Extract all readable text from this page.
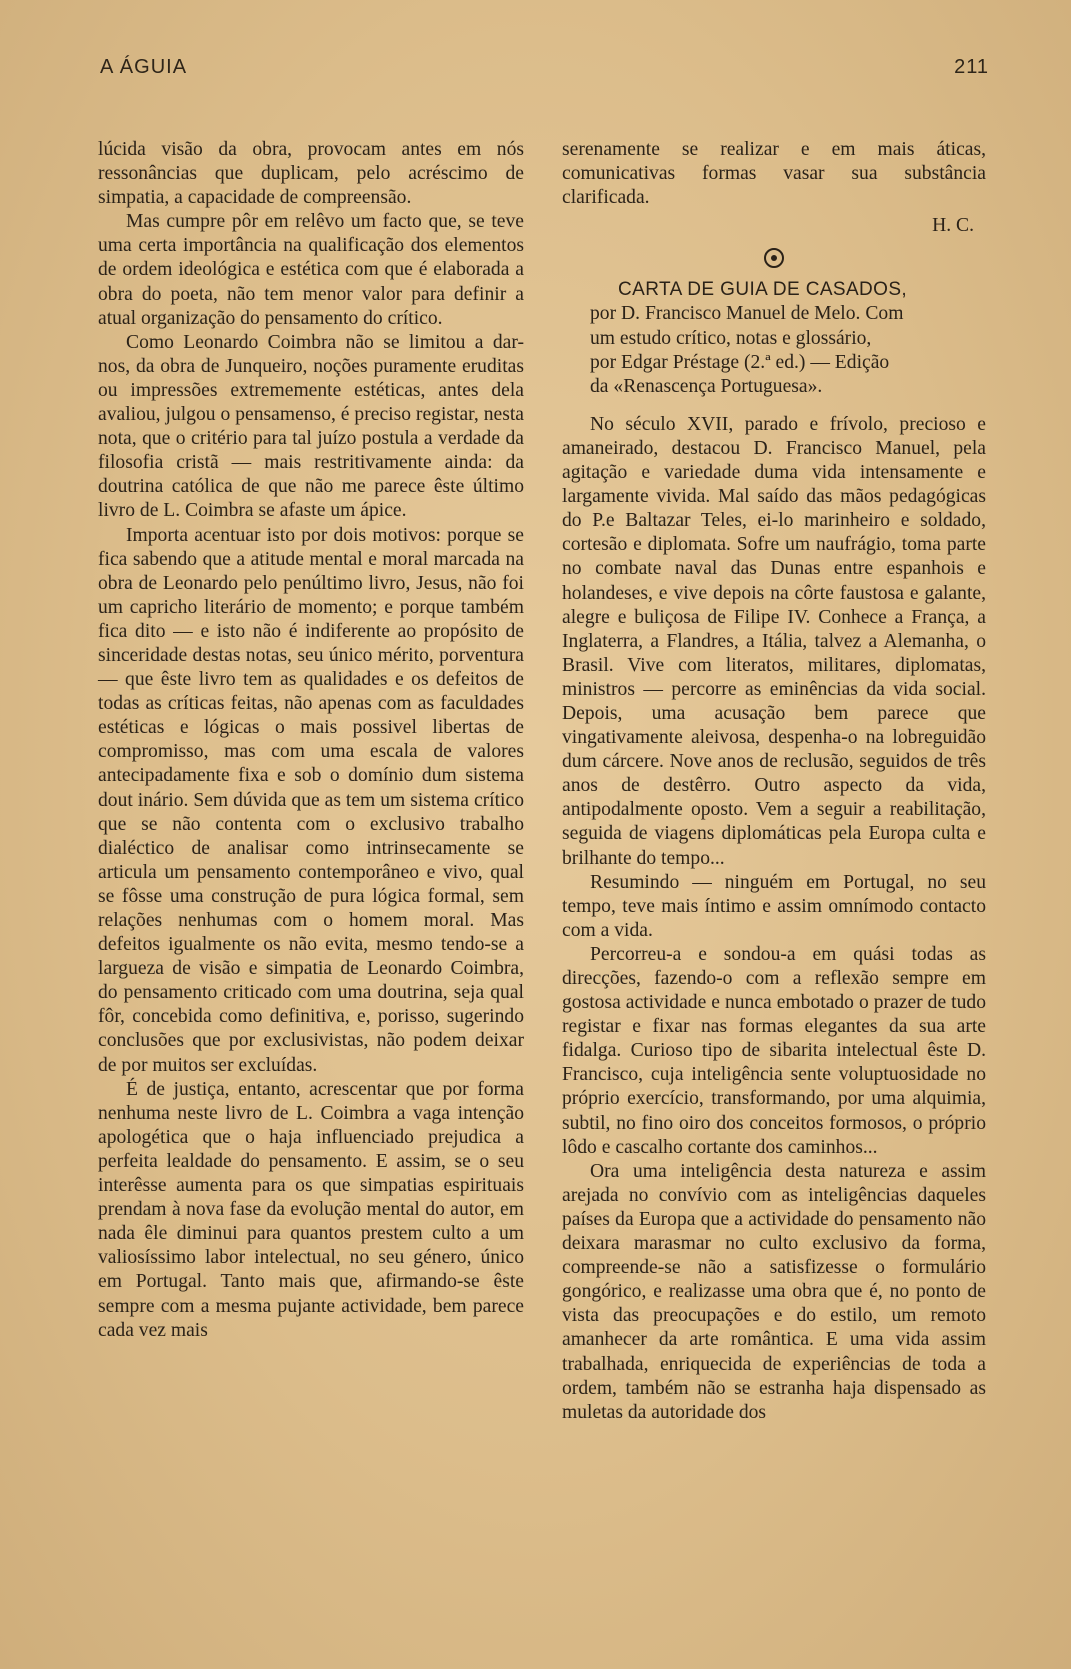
A ÁGUIA	211

lúcida visão da obra, provocam antes em nós ressonâncias que duplicam, pelo acréscimo de simpatia, a capacidade de compreensão.

Mas cumpre pôr em relêvo um facto que, se teve uma certa importância na qualificação dos elementos de ordem ideológica e estética com que é elaborada a obra do poeta, não tem menor valor para definir a atual organização do pensamento do crítico.

Como Leonardo Coimbra não se limitou a dar-nos, da obra de Junqueiro, noções puramente eruditas ou impressões extrememente estéticas, antes dela avaliou, julgou o pensamenso, é preciso registar, nesta nota, que o critério para tal juízo postula a verdade da filosofia cristã — mais restritivamente ainda: da doutrina católica de que não me parece êste último livro de L. Coimbra se afaste um ápice.

Importa acentuar isto por dois motivos: porque se fica sabendo que a atitude mental e moral marcada na obra de Leonardo pelo penúltimo livro, Jesus, não foi um capricho literário de momento; e porque também fica dito — e isto não é indiferente ao propósito de sinceridade destas notas, seu único mérito, porventura — que êste livro tem as qualidades e os defeitos de todas as críticas feitas, não apenas com as faculdades estéticas e lógicas o mais possivel libertas de compromisso, mas com uma escala de valores antecipadamente fixa e sob o domínio dum sistema dout inário. Sem dúvida que as tem um sistema crítico que se não contenta com o exclusivo trabalho dialéctico de analisar como intrinsecamente se articula um pensamento contemporâneo e vivo, qual se fôsse uma construção de pura lógica formal, sem relações nenhumas com o homem moral. Mas defeitos igualmente os não evita, mesmo tendo-se a largueza de visão e simpatia de Leonardo Coimbra, do pensamento criticado com uma doutrina, seja qual fôr, concebida como definitiva, e, porisso, sugerindo conclusões que por exclusivistas, não podem deixar de por muitos ser excluídas.

É de justiça, entanto, acrescentar que por forma nenhuma neste livro de L. Coimbra a vaga intenção apologética que o haja influenciado prejudica a perfeita lealdade do pensamento. E assim, se o seu interêsse aumenta para os que simpatias espirituais prendam à nova fase da evolução mental do autor, em nada êle diminui para quantos prestem culto a um valiosíssimo labor intelectual, no seu género, único em Portugal. Tanto mais que, afirmando-se êste sempre com a mesma pujante actividade, bem parece cada vez mais

serenamente se realizar e em mais áticas, comunicativas formas vasar sua substância clarificada.

H. C.
CARTA DE GUIA DE CASADOS,
por D. Francisco Manuel de Melo. Com
um estudo crítico, notas e glossário,
por Edgar Préstage (2.ª ed.) — Edição
da «Renascença Portuguesa».

No século XVII, parado e frívolo, precioso e amaneirado, destacou D. Francisco Manuel, pela agitação e variedade duma vida intensamente e largamente vivida. Mal saído das mãos pedagógicas do P.e Baltazar Teles, ei-lo marinheiro e soldado, cortesão e diplomata. Sofre um naufrágio, toma parte no combate naval das Dunas entre espanhois e holandeses, e vive depois na côrte faustosa e galante, alegre e buliçosa de Filipe IV. Conhece a França, a Inglaterra, a Flandres, a Itália, talvez a Alemanha, o Brasil. Vive com literatos, militares, diplomatas, ministros — percorre as eminências da vida social. Depois, uma acusação bem parece que vingativamente aleivosa, despenha-o na lobreguidão dum cárcere. Nove anos de reclusão, seguidos de três anos de destêrro. Outro aspecto da vida, antipodalmente oposto. Vem a seguir a reabilitação, seguida de viagens diplomáticas pela Europa culta e brilhante do tempo...

Resumindo — ninguém em Portugal, no seu tempo, teve mais íntimo e assim omnímodo contacto com a vida.

Percorreu-a e sondou-a em quási todas as direcções, fazendo-o com a reflexão sempre em gostosa actividade e nunca embotado o prazer de tudo registar e fixar nas formas elegantes da sua arte fidalga. Curioso tipo de sibarita intelectual êste D. Francisco, cuja inteligência sente voluptuosidade no próprio exercício, transformando, por uma alquimia, subtil, no fino oiro dos conceitos formosos, o próprio lôdo e cascalho cortante dos caminhos...

Ora uma inteligência desta natureza e assim arejada no convívio com as inteligências daqueles países da Europa que a actividade do pensamento não deixara marasmar no culto exclusivo da forma, compreende-se não a satisfizesse o formulário gongórico, e realizasse uma obra que é, no ponto de vista das preocupações e do estilo, um remoto amanhecer da arte romântica. E uma vida assim trabalhada, enriquecida de experiências de toda a ordem, também não se estranha haja dispensado as muletas da autoridade dos
